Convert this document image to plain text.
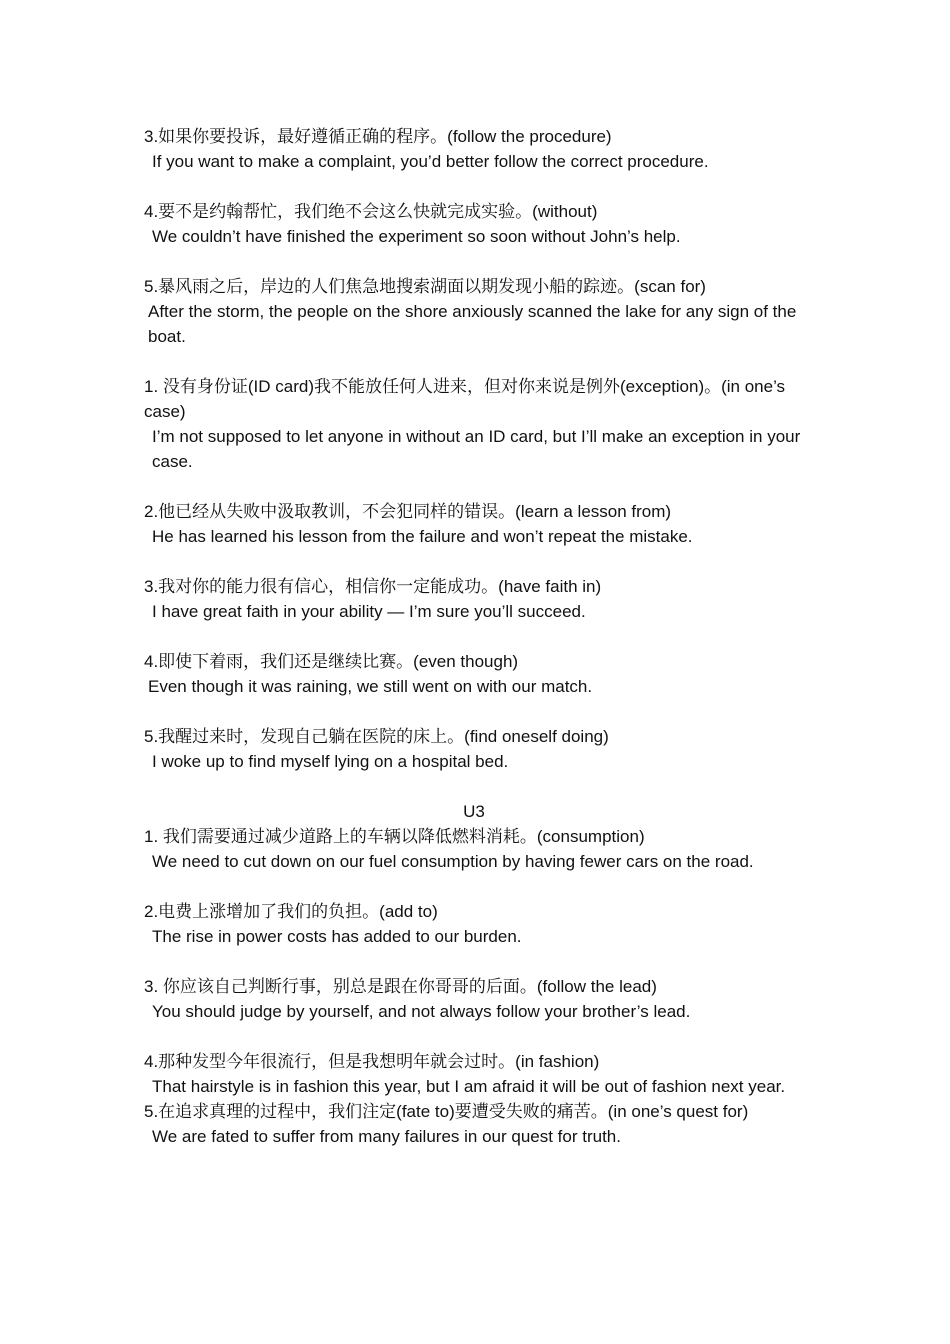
3.如果你要投诉，最好遵循正确的程序。(follow the procedure)
If you want to make a complaint, you’d better follow the correct procedure.
4.要不是约翰帮忙，我们绝不会这么快就完成实验。(without)
We couldn’t have finished the experiment so soon without John’s help.
5.暴风雨之后，岸边的人们焦急地搜索湖面以期发现小船的踪迹。(scan for)
After the storm, the people on the shore anxiously scanned the lake for any sign of the boat.
1. 没有身份证(ID card)我不能放任何人进来，但对你来说是例外(exception)。(in one’s case)
I’m not supposed to let anyone in without an ID card, but I’ll make an exception in your case.
2.他已经从失败中汲取教训，不会犯同样的错误。(learn a lesson from)
He has learned his lesson from the failure and won’t repeat the mistake.
3.我对你的能力很有信心，相信你一定能成功。(have faith in)
I have great faith in your ability — I’m sure you’ll succeed.
4.即使下着雨，我们还是继续比赛。(even though)
Even though it was raining, we still went on with our match.
5.我醒过来时，发现自己躺在医院的床上。(find oneself doing)
I woke up to find myself lying on a hospital bed.
U3
1. 我们需要通过减少道路上的车辆以降低燃料消耗。(consumption)
We need to cut down on our fuel consumption by having fewer cars on the road.
2.电费上涨增加了我们的负担。(add to)
The rise in power costs has added to our burden.
3. 你应该自己判断行事，别总是跟在你哥哥的后面。(follow the lead)
You should judge by yourself, and not always follow your brother’s lead.
4.那种发型今年很流行，但是我想明年就会过时。(in fashion)
That hairstyle is in fashion this year, but I am afraid it will be out of fashion next year.
5.在追求真理的过程中，我们注定(fate to)要遭受失败的痛苦。(in one’s quest for)
We are fated to suffer from many failures in our quest for truth.
